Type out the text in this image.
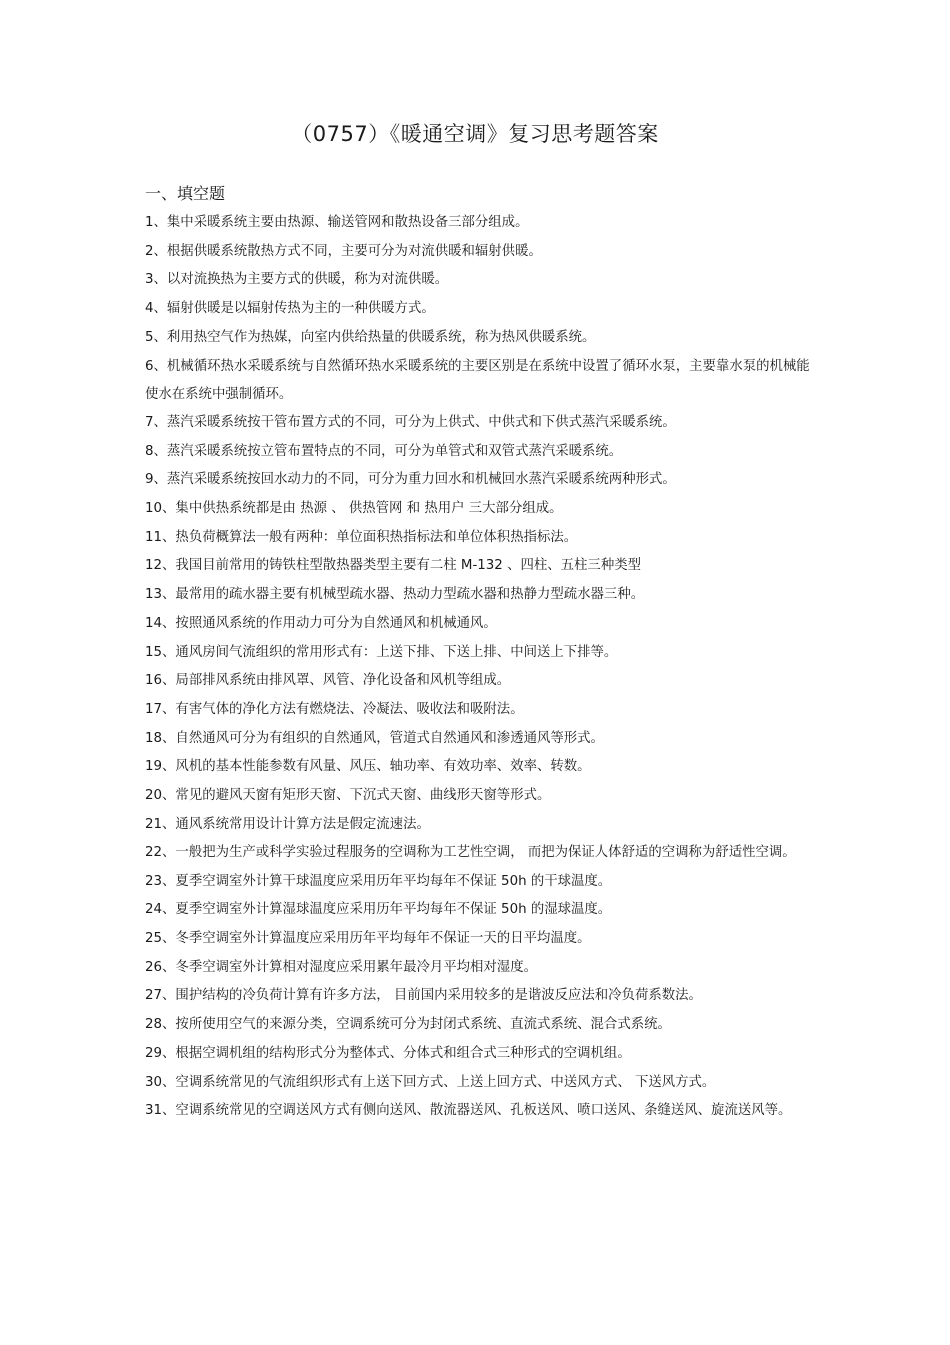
（0757）《暖通空调》复习思考题答案
一、填空题
1、集中采暖系统主要由热源、输送管网和散热设备三部分组成。
2、根据供暖系统散热方式不同，主要可分为对流供暖和辐射供暖。
3、以对流换热为主要方式的供暖，称为对流供暖。
4、辐射供暖是以辐射传热为主的一种供暖方式。
5、利用热空气作为热媒，向室内供给热量的供暖系统，称为热风供暖系统。
6、机械循环热水采暖系统与自然循环热水采暖系统的主要区别是在系统中设置了循环水泵，主要靠水泵的机械能使水在系统中强制循环。
7、蒸汽采暖系统按干管布置方式的不同，可分为上供式、中供式和下供式蒸汽采暖系统。
8、蒸汽采暖系统按立管布置特点的不同，可分为单管式和双管式蒸汽采暖系统。
9、蒸汽采暖系统按回水动力的不同，可分为重力回水和机械回水蒸汽采暖系统两种形式。
10、集中供热系统都是由 热源 、 供热管网 和 热用户 三大部分组成。
11、热负荷概算法一般有两种：单位面积热指标法和单位体积热指标法。
12、我国目前常用的铸铁柱型散热器类型主要有二柱 M-132 、四柱、五柱三种类型
13、最常用的疏水器主要有机械型疏水器、热动力型疏水器和热静力型疏水器三种。
14、按照通风系统的作用动力可分为自然通风和机械通风。
15、通风房间气流组织的常用形式有：上送下排、下送上排、中间送上下排等。
16、局部排风系统由排风罩、风管、净化设备和风机等组成。
17、有害气体的净化方法有燃烧法、冷凝法、吸收法和吸附法。
18、自然通风可分为有组织的自然通风，管道式自然通风和渗透通风等形式。
19、风机的基本性能参数有风量、风压、轴功率、有效功率、效率、转数。
20、常见的避风天窗有矩形天窗、下沉式天窗、曲线形天窗等形式。
21、通风系统常用设计计算方法是假定流速法。
22、一般把为生产或科学实验过程服务的空调称为工艺性空调， 而把为保证人体舒适的空调称为舒适性空调。
23、夏季空调室外计算干球温度应采用历年平均每年不保证 50h 的干球温度。
24、夏季空调室外计算湿球温度应采用历年平均每年不保证 50h 的湿球温度。
25、冬季空调室外计算温度应采用历年平均每年不保证一天的日平均温度。
26、冬季空调室外计算相对湿度应采用累年最冷月平均相对湿度。
27、围护结构的冷负荷计算有许多方法， 目前国内采用较多的是谐波反应法和冷负荷系数法。
28、按所使用空气的来源分类，空调系统可分为封闭式系统、直流式系统、混合式系统。
29、根据空调机组的结构形式分为整体式、分体式和组合式三种形式的空调机组。
30、空调系统常见的气流组织形式有上送下回方式、上送上回方式、中送风方式、 下送风方式。
31、空调系统常见的空调送风方式有侧向送风、散流器送风、孔板送风、喷口送风、条缝送风、旋流送风等。
